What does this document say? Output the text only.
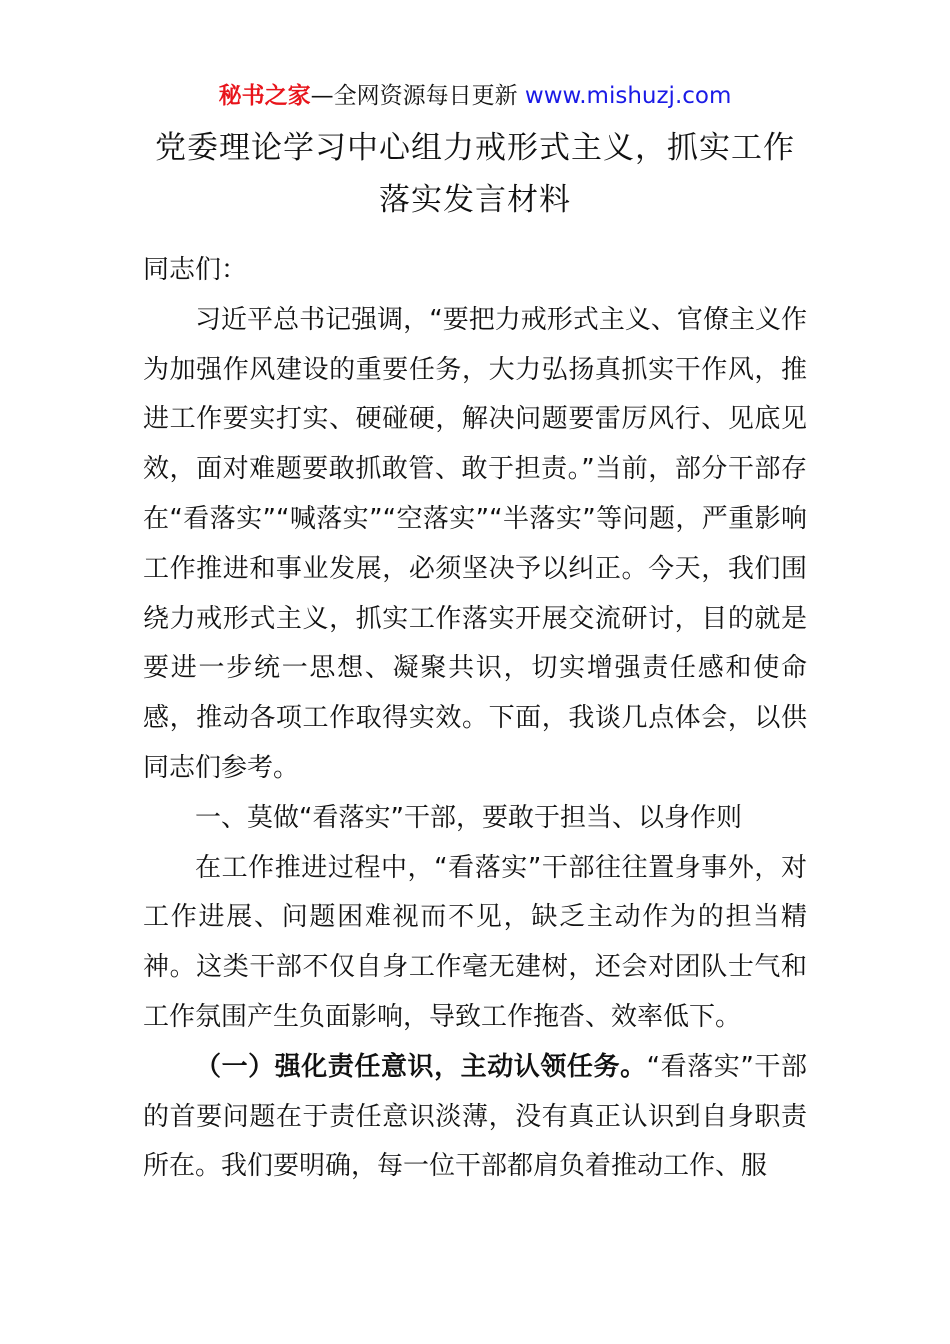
秘书之家—全网资源每日更新 www.mishuzj.com
党委理论学习中心组力戒形式主义，抓实工作
落实发言材料

同志们：

习近平总书记强调，“要把力戒形式主义、官僚主义作为加强作风建设的重要任务，大力弘扬真抓实干作风，推进工作要实打实、硬碰硬，解决问题要雷厉风行、见底见效，面对难题要敢抓敢管、敢于担责。”当前，部分干部存在“看落实”“喊落实”“空落实”“半落实”等问题，严重影响工作推进和事业发展，必须坚决予以纠正。今天，我们围绕力戒形式主义，抓实工作落实开展交流研讨，目的就是要进一步统一思想、凝聚共识，切实增强责任感和使命感，推动各项工作取得实效。下面，我谈几点体会，以供同志们参考。

一、莫做“看落实”干部，要敢于担当、以身作则

在工作推进过程中，“看落实”干部往往置身事外，对工作进展、问题困难视而不见，缺乏主动作为的担当精神。这类干部不仅自身工作毫无建树，还会对团队士气和工作氛围产生负面影响，导致工作拖沓、效率低下。

（一）强化责任意识，主动认领任务。“看落实”干部的首要问题在于责任意识淡薄，没有真正认识到自身职责所在。我们要明确，每一位干部都肩负着推动工作、服
